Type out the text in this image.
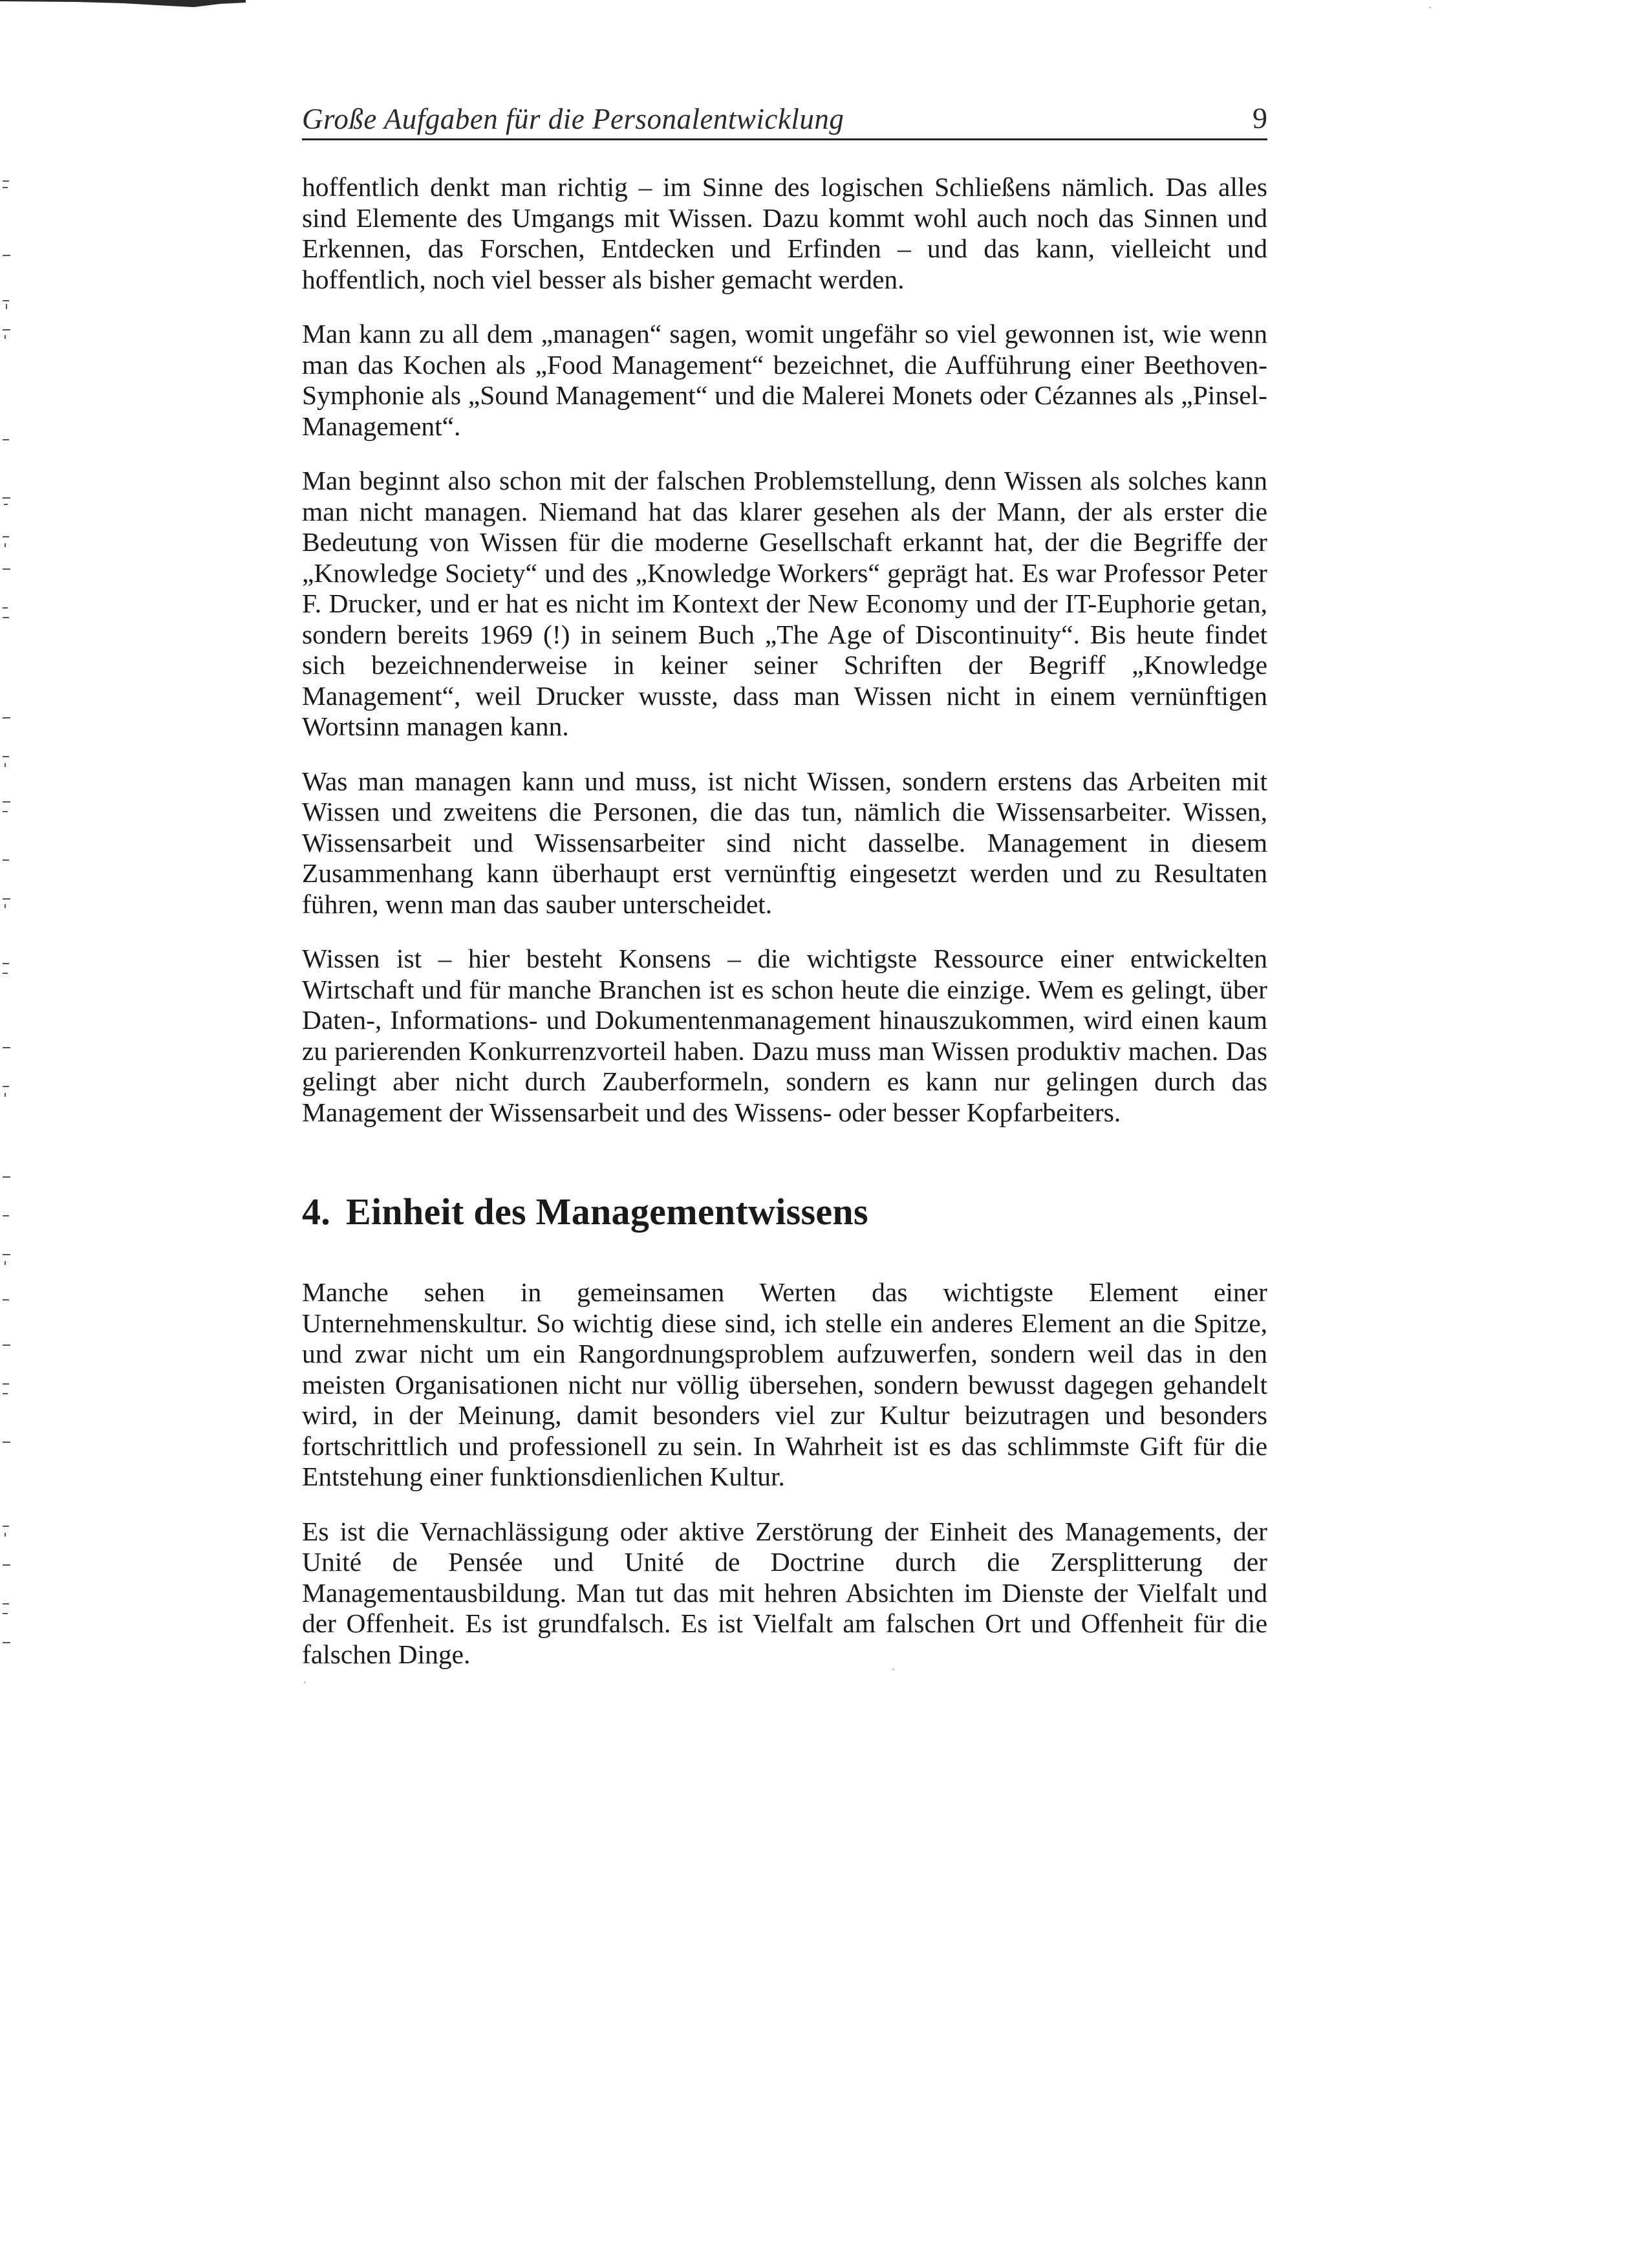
Große Aufgaben für die Personalentwicklung	9

hoffentlich denkt man richtig – im Sinne des logischen Schließens nämlich. Das alles sind Elemente des Umgangs mit Wissen. Dazu kommt wohl auch noch das Sinnen und Erkennen, das Forschen, Entdecken und Erfinden – und das kann, vielleicht und hoffentlich, noch viel besser als bisher gemacht werden.

Man kann zu all dem „managen“ sagen, womit ungefähr so viel gewonnen ist, wie wenn man das Kochen als „Food Management“ bezeichnet, die Aufführung einer Beethoven-Symphonie als „Sound Management“ und die Malerei Monets oder Cézannes als „Pinsel-Management“.

Man beginnt also schon mit der falschen Problemstellung, denn Wissen als solches kann man nicht managen. Niemand hat das klarer gesehen als der Mann, der als erster die Bedeutung von Wissen für die moderne Gesellschaft erkannt hat, der die Begriffe der „Knowledge Society“ und des „Knowledge Workers“ geprägt hat. Es war Professor Peter F. Drucker, und er hat es nicht im Kontext der New Economy und der IT-Euphorie getan, sondern bereits 1969 (!) in seinem Buch „The Age of Discontinuity“. Bis heute findet sich bezeichnenderweise in keiner seiner Schriften der Begriff „Knowledge Management“, weil Drucker wusste, dass man Wissen nicht in einem vernünftigen Wortsinn managen kann.

Was man managen kann und muss, ist nicht Wissen, sondern erstens das Arbeiten mit Wissen und zweitens die Personen, die das tun, nämlich die Wissensarbeiter. Wissen, Wissensarbeit und Wissensarbeiter sind nicht dasselbe. Management in diesem Zusammenhang kann überhaupt erst vernünftig eingesetzt werden und zu Resultaten führen, wenn man das sauber unterscheidet.

Wissen ist – hier besteht Konsens – die wichtigste Ressource einer entwickelten Wirtschaft und für manche Branchen ist es schon heute die einzige. Wem es gelingt, über Daten-, Informations- und Dokumentenmanagement hinauszukommen, wird einen kaum zu parierenden Konkurrenzvorteil haben. Dazu muss man Wissen produktiv machen. Das gelingt aber nicht durch Zauberformeln, sondern es kann nur gelingen durch das Management der Wissensarbeit und des Wissens- oder besser Kopfarbeiters.

4. Einheit des Managementwissens

Manche sehen in gemeinsamen Werten das wichtigste Element einer Unternehmenskultur. So wichtig diese sind, ich stelle ein anderes Element an die Spitze, und zwar nicht um ein Rangordnungsproblem aufzuwerfen, sondern weil das in den meisten Organisationen nicht nur völlig übersehen, sondern bewusst dagegen gehandelt wird, in der Meinung, damit besonders viel zur Kultur beizutragen und besonders fortschrittlich und professionell zu sein. In Wahrheit ist es das schlimmste Gift für die Entstehung einer funktionsdienlichen Kultur.

Es ist die Vernachlässigung oder aktive Zerstörung der Einheit des Managements, der Unité de Pensée und Unité de Doctrine durch die Zersplitterung der Managementausbildung. Man tut das mit hehren Absichten im Dienste der Vielfalt und der Offenheit. Es ist grundfalsch. Es ist Vielfalt am falschen Ort und Offenheit für die falschen Dinge.
